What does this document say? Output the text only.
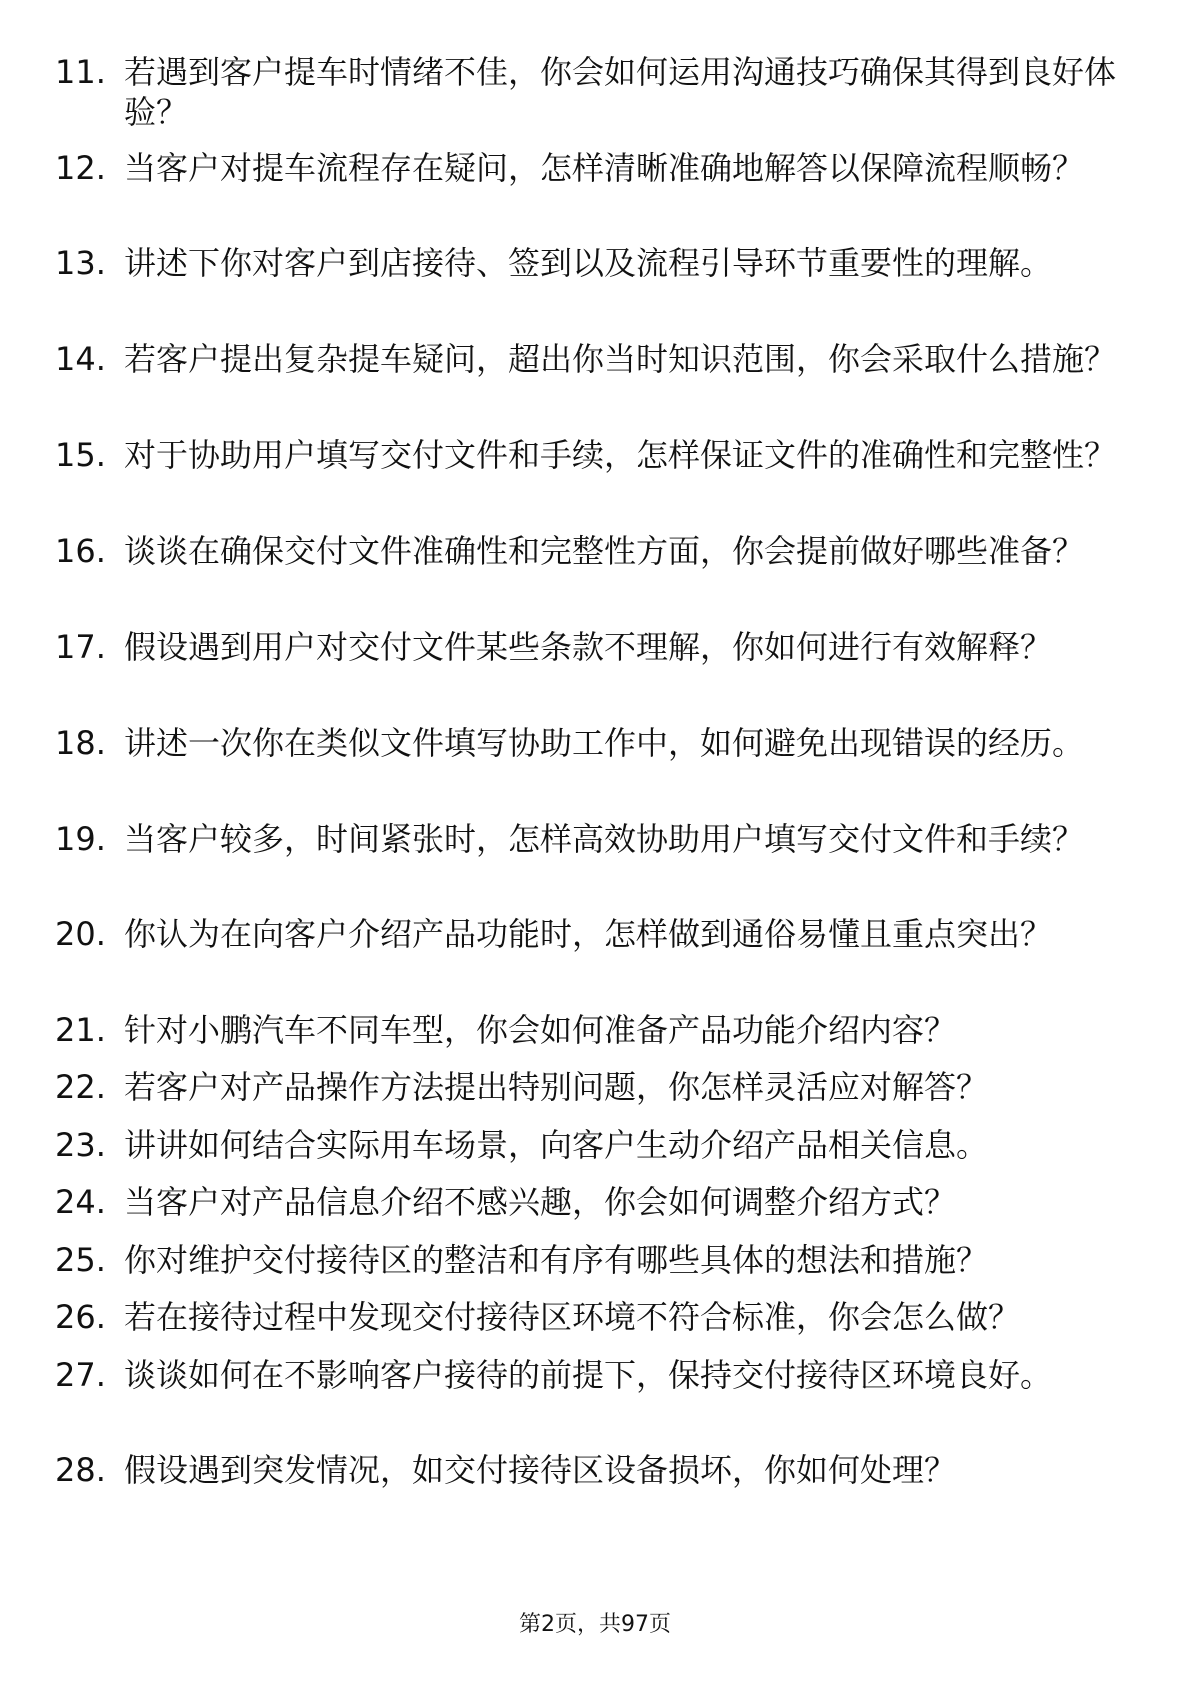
11. 若遇到客户提车时情绪不佳，你会如何运用沟通技巧确保其得到良好体验？
12. 当客户对提车流程存在疑问，怎样清晰准确地解答以保障流程顺畅？
13. 讲述下你对客户到店接待、签到以及流程引导环节重要性的理解。
14. 若客户提出复杂提车疑问，超出你当时知识范围，你会采取什么措施？
15. 对于协助用户填写交付文件和手续，怎样保证文件的准确性和完整性？
16. 谈谈在确保交付文件准确性和完整性方面，你会提前做好哪些准备？
17. 假设遇到用户对交付文件某些条款不理解，你如何进行有效解释？
18. 讲述一次你在类似文件填写协助工作中，如何避免出现错误的经历。
19. 当客户较多，时间紧张时，怎样高效协助用户填写交付文件和手续？
20. 你认为在向客户介绍产品功能时，怎样做到通俗易懂且重点突出？
21. 针对小鹏汽车不同车型，你会如何准备产品功能介绍内容？
22. 若客户对产品操作方法提出特别问题，你怎样灵活应对解答？
23. 讲讲如何结合实际用车场景，向客户生动介绍产品相关信息。
24. 当客户对产品信息介绍不感兴趣，你会如何调整介绍方式？
25. 你对维护交付接待区的整洁和有序有哪些具体的想法和措施？
26. 若在接待过程中发现交付接待区环境不符合标准，你会怎么做？
27. 谈谈如何在不影响客户接待的前提下，保持交付接待区环境良好。
28. 假设遇到突发情况，如交付接待区设备损坏，你如何处理？
第2页，共97页
